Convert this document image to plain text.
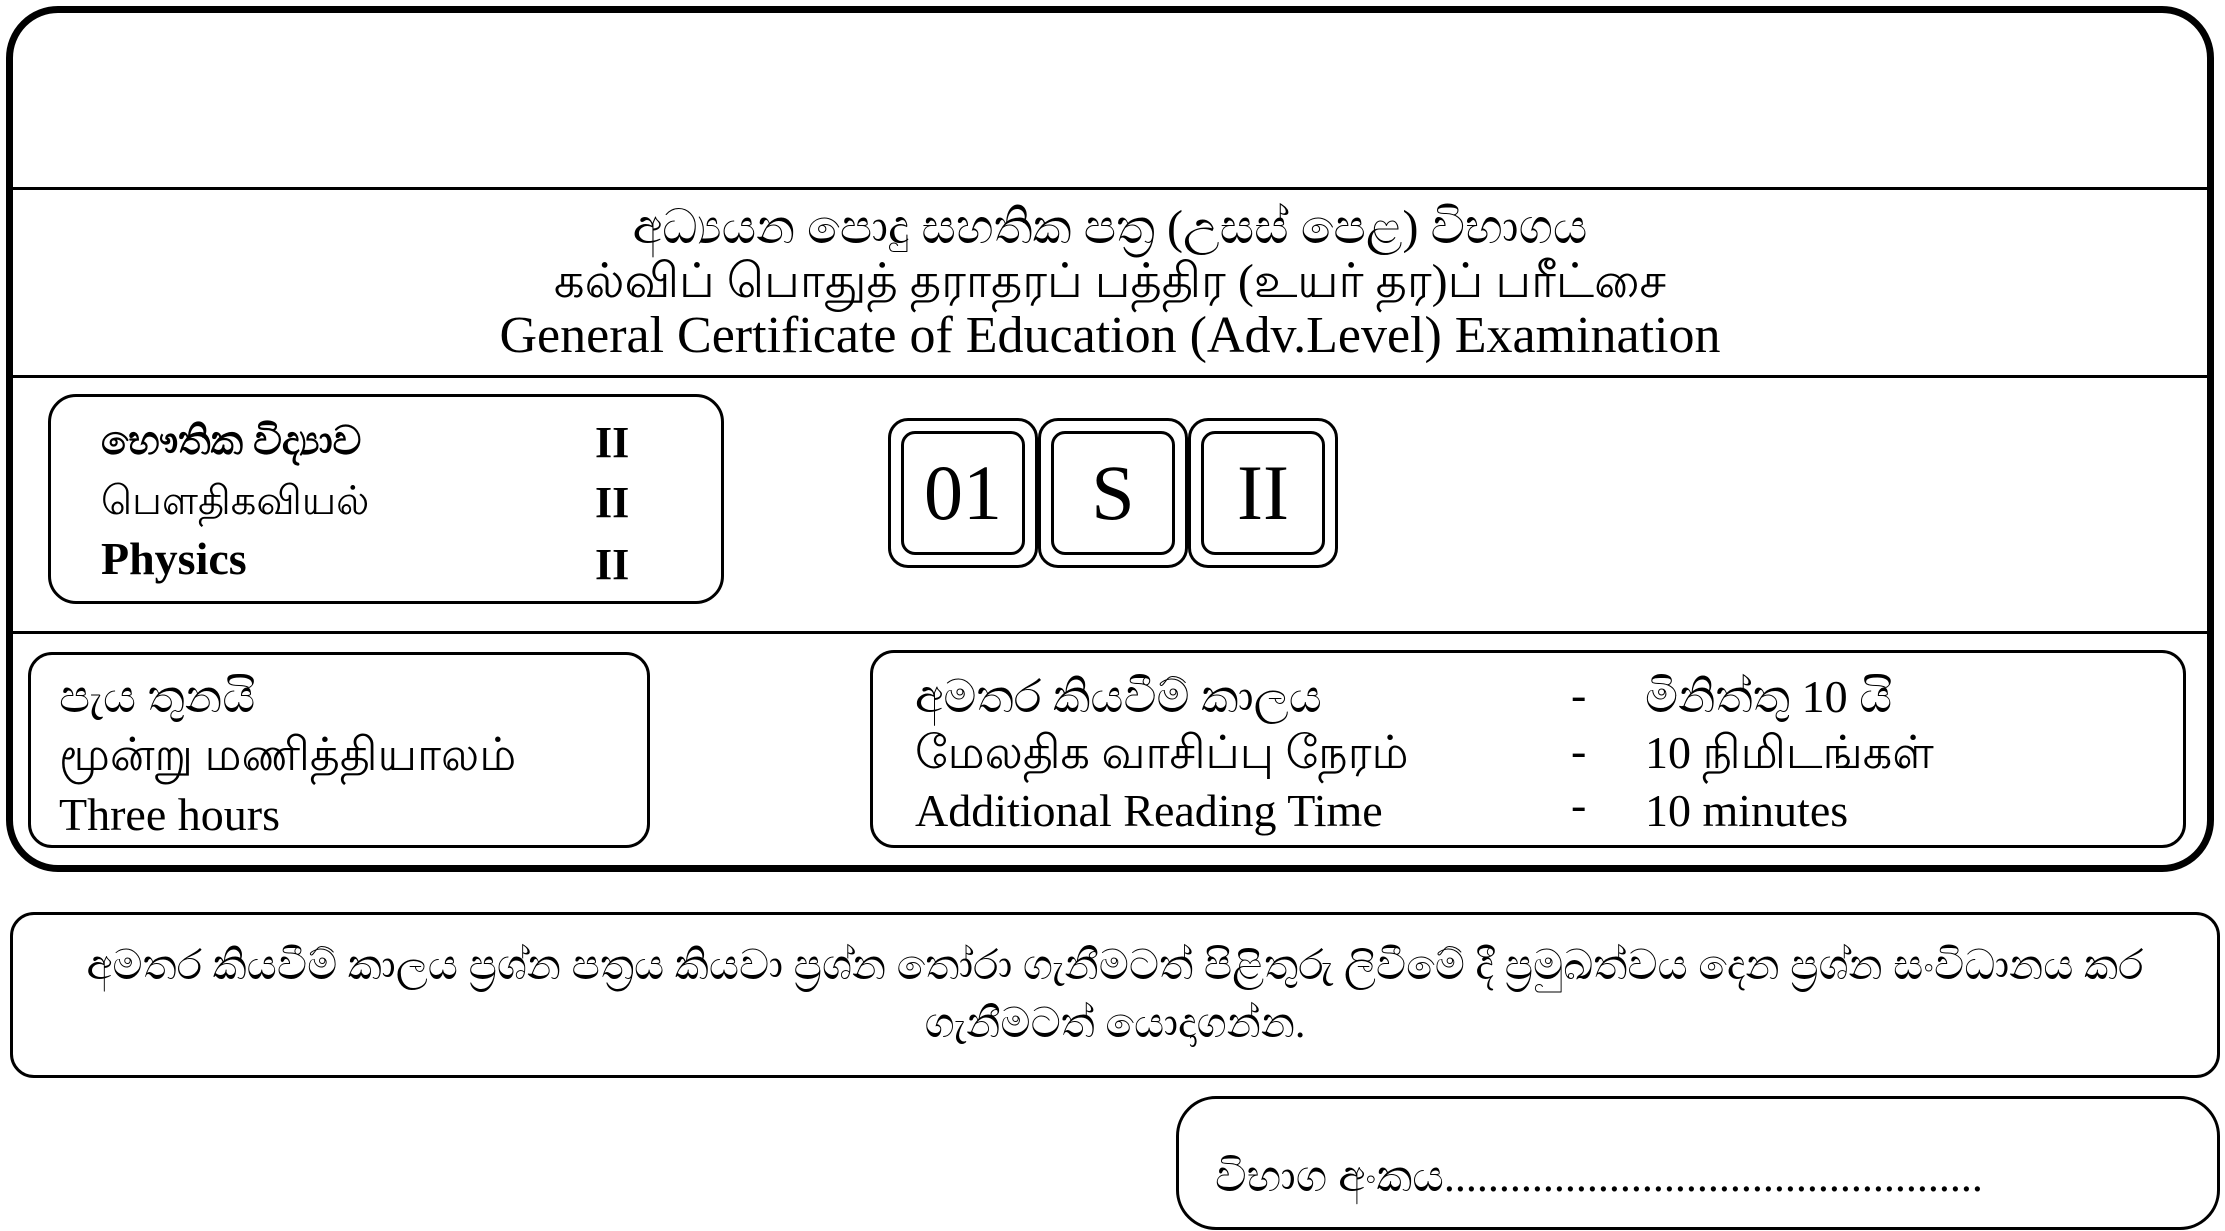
අධ්‍යයන පොදු සහතික පත්‍ර (උසස් පෙළ) විභාගය
கல்விப் பொதுத் தராதரப் பத்திர (உயர் தர)ப் பரீட்சை
General Certificate of Education (Adv.Level) Examination
භෞතික විද්‍යාව	II
பௌதிகவியல்	II
Physics	II
01	S	II
පැය තුනයි
மூன்று மணித்தியாலம்
Three hours
අමතර කියවීම් කාලය	- මිනිත්තු 10 යි
மேலதிக வாசிப்பு நேரம்	- 10 நிமிடங்கள்
Additional Reading Time	- 10 minutes
අමතර කියවීම් කාලය ප්‍රශ්න පත්‍රය කියවා ප්‍රශ්න තෝරා ගැනීමටත් පිළිතුරු ලිවීමේ දී ප්‍රමුඛත්වය දෙන ප්‍රශ්න සංවිධානය කර ගැනීමටත් යොදාගන්න.
විභාග අංකය.................................................
